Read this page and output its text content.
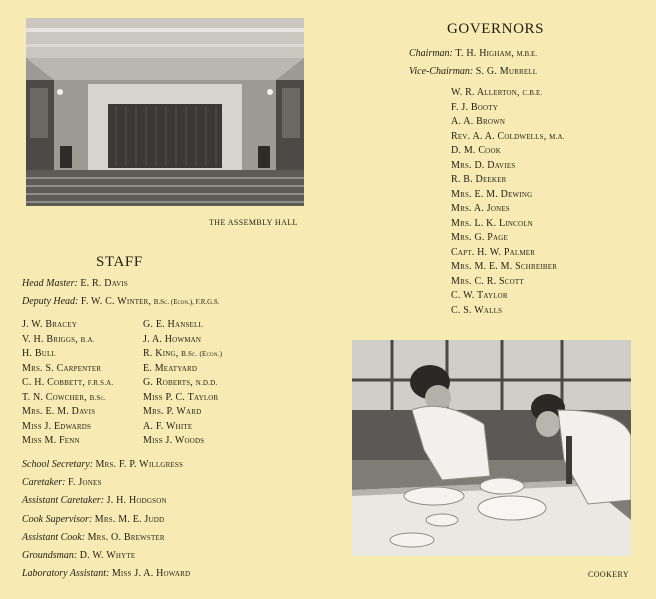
THE ASSEMBLY HALL
STAFF
Head Master: E. R. Davis
Deputy Head: F. W. C. Winter, B.Sc. (Econ.), F.R.G.S.
J. W. Bracey
V. H. Briggs, B.A.
H. Bull
Mrs. S. Carpenter
C. H. Cobbett, F.R.S.A.
T. N. Cowcher, B.Sc.
Mrs. E. M. Davis
Miss J. Edwards
Miss M. Fenn
G. E. Hansell
J. A. Howman
R. King, B.Sc. (Econ.)
E. Meatyard
G. Roberts, N.D.D.
Miss P. C. Taylor
Mrs. P. Ward
A. F. White
Miss J. Woods
School Secretary: Mrs. F. P. Willgress
Caretaker: F. Jones
Assistant Caretaker: J. H. Hodgson
Cook Supervisor: Mrs. M. E. Judd
Assistant Cook: Mrs. O. Brewster
Groundsman: D. W. Whyte
Laboratory Assistant: Miss J. A. Howard
GOVERNORS
Chairman: T. H. Higham, M.B.E.
Vice-Chairman: S. G. Murrell
W. R. Allerton, C.B.E.
F. J. Booty
A. A. Brown
Rev. A. A. Coldwells, M.A.
D. M. Cook
Mrs. D. Davies
R. B. Deeker
Mrs. E. M. Dewing
Mrs. A. Jones
Mrs. L. K. Lincoln
Mrs. G. Page
Capt. H. W. Palmer
Mrs. M. E. M. Schreiber
Mrs. C. R. Scott
C. W. Taylor
C. S. Walls
COOKERY
